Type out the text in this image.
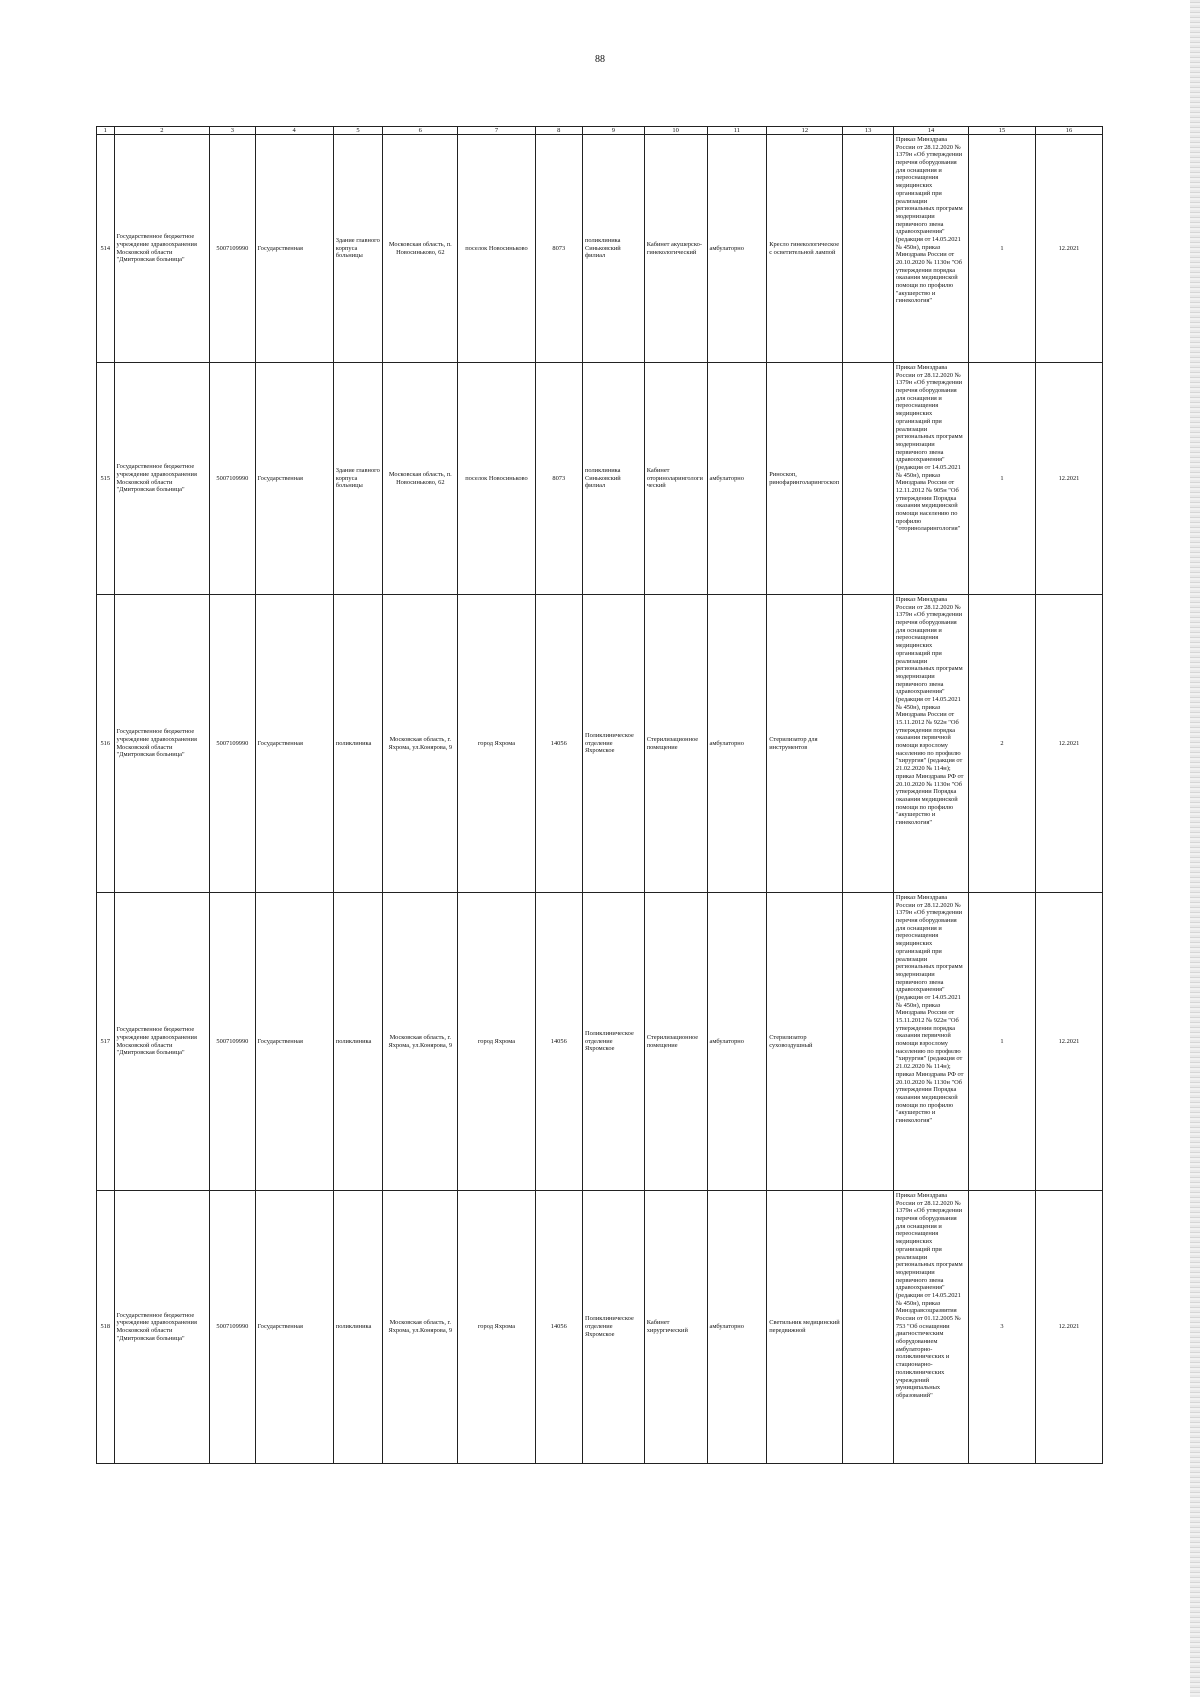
88
1	2	3	4	5	6	7	8	9	10	11	12	13	14	15	16
514	Государственное бюджетное учреждение здравоохранения Московской области "Дмитровская больница"	5007109990	Государственная	Здание главного корпуса больницы	Московская область, п. Новосиньково, 62	поселок Новосиньково	8073	поликлиника Синьковский филиал	Кабинет акушерско-гинекологический	амбулаторно	Кресло гинекологическое с осветительной лампой		Приказ Минздрава России от 28.12.2020 № 1379н «Об утверждении перечня оборудования для оснащения и переоснащения медицинских организаций при реализации региональных программ модернизации первичного звена здравоохранения"(редакция от 14.05.2021 № 450н), приказ Минздрава России от 20.10.2020 № 1130н "Об утверждении порядка оказания медицинской помощи по профилю "акушерство и гинекология"	1	12.2021
515	Государственное бюджетное учреждение здравоохранения Московской области "Дмитровская больница"	5007109990	Государственная	Здание главного корпуса больницы	Московская область, п. Новосиньково, 62	поселок Новосиньково	8073	поликлиника Синьковский филиал	Кабинет оториноларингологический	амбулаторно	Риноскоп, ринофаринголарингоскоп		Приказ Минздрава России от 28.12.2020 № 1379н «Об утверждении перечня оборудования для оснащения и переоснащения медицинских организаций при реализации региональных программ модернизации первичного звена здравоохранения"(редакция от 14.05.2021 № 450н), приказ Минздрава России от 12.11.2012 № 905н "Об утверждении Порядка оказания медицинской помощи населению по профилю "оториноларингология"	1	12.2021
516	Государственное бюджетное учреждение здравоохранения Московской области "Дмитровская больница"	5007109990	Государственная	поликлиника	Московская область, г. Яхрома, ул.Конярова, 9	город Яхрома	14056	Поликлиническое отделение Яхромское	Стерилизационное помещение	амбулаторно	Стерилизатор для инструментов		Приказ Минздрава России от 28.12.2020 № 1379н «Об утверждении перечня оборудования для оснащения и переоснащения медицинских организаций при реализации региональных программ модернизации первичного звена здравоохранения"(редакция от 14.05.2021 № 450н), приказ Минздрава России от 15.11.2012 № 922н "Об утверждении порядка оказания первичной помощи взрослому населению по профилю "хирургия" (редакция от 21.02.2020 № 114н); приказ Минздрава РФ от 20.10.2020 № 1130н "Об утверждении Порядка оказания медицинской помощи по профилю "акушерство и гинекология"	2	12.2021
517	Государственное бюджетное учреждение здравоохранения Московской области "Дмитровская больница"	5007109990	Государственная	поликлиника	Московская область, г. Яхрома, ул.Конярова, 9	город Яхрома	14056	Поликлиническое отделение Яхромское	Стерилизационное помещение	амбулаторно	Стерилизатор суховоздушный		Приказ Минздрава России от 28.12.2020 № 1379н «Об утверждении перечня оборудования для оснащения и переоснащения медицинских организаций при реализации региональных программ модернизации первичного звена здравоохранения"(редакция от 14.05.2021 № 450н), приказ Минздрава России от 15.11.2012 № 922н "Об утверждении порядка оказания первичной помощи взрослому населению по профилю "хирургия" (редакция от 21.02.2020 № 114н); приказ Минздрава РФ от 20.10.2020 № 1130н "Об утверждении Порядка оказания медицинской помощи по профилю "акушерство и гинекология"	1	12.2021
518	Государственное бюджетное учреждение здравоохранения Московской области "Дмитровская больница"	5007109990	Государственная	поликлиника	Московская область, г. Яхрома, ул.Конярова, 9	город Яхрома	14056	Поликлиническое отделение Яхромское	Кабинет хирургический	амбулаторно	Светильник медицинский передвижной		Приказ Минздрава России от 28.12.2020 № 1379н «Об утверждении перечня оборудования для оснащения и переоснащения медицинских организаций при реализации региональных программ модернизации первичного звена здравоохранения"(редакция от 14.05.2021 № 450н), приказ Минздравсоцразвития России от 01.12.2005 № 753 "Об оснащении диагностическим оборудованием амбулаторно-поликлинических и стационарно-поликлинических учреждений муниципальных образований"	3	12.2021
